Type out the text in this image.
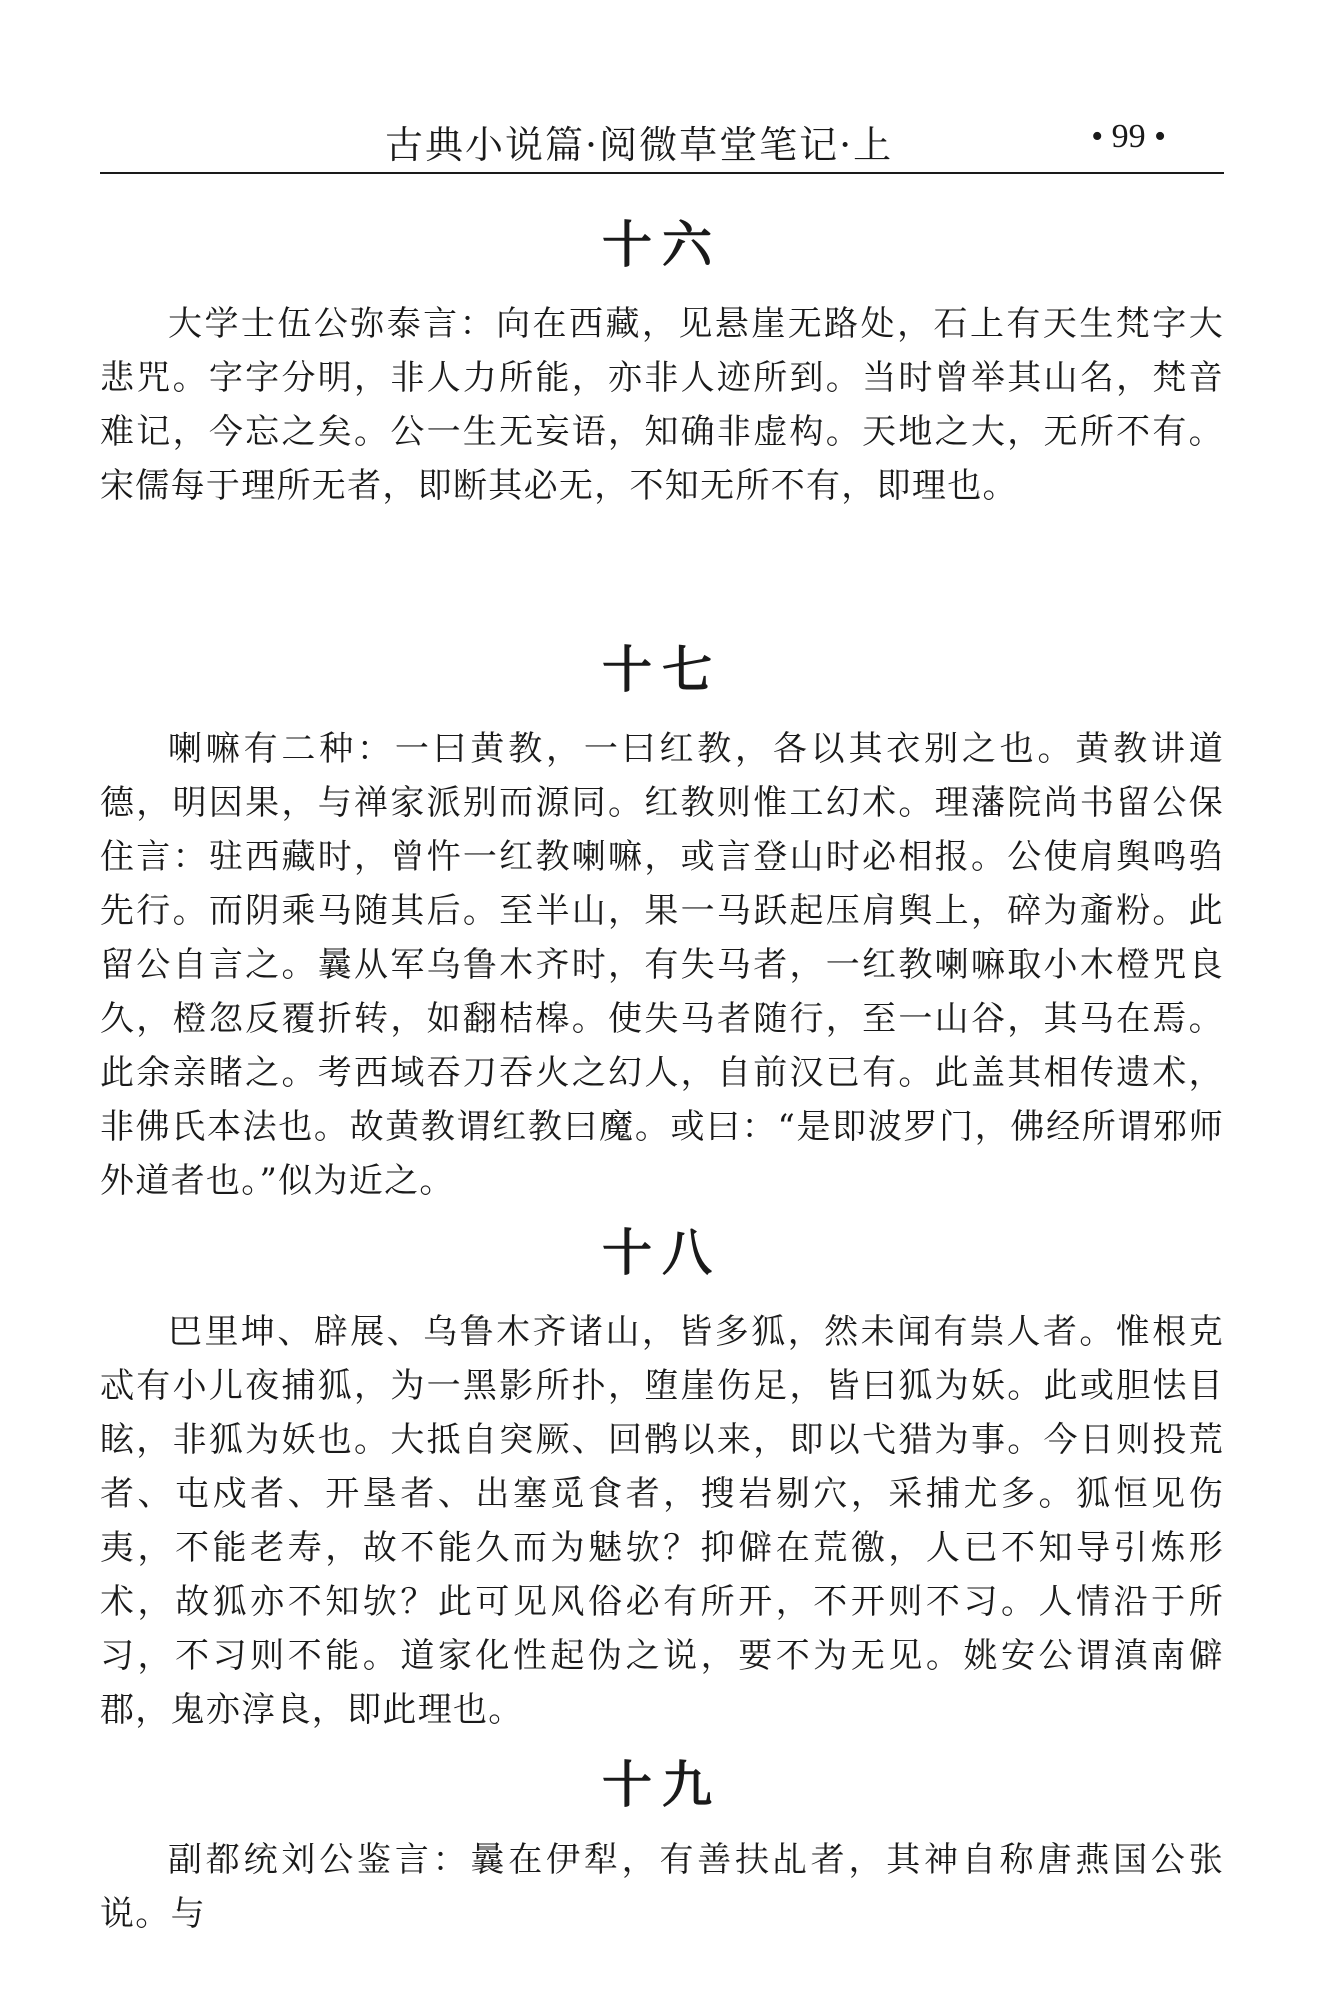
古典小说篇·阅微草堂笔记·上	• 99 •
十六

大学士伍公弥泰言：向在西藏，见悬崖无路处，石上有天生梵字大悲咒。字字分明，非人力所能，亦非人迹所到。当时曾举其山名，梵音难记，今忘之矣。公一生无妄语，知确非虚构。天地之大，无所不有。宋儒每于理所无者，即断其必无，不知无所不有，即理也。

十七

喇嘛有二种：一曰黄教，一曰红教，各以其衣别之也。黄教讲道德，明因果，与禅家派别而源同。红教则惟工幻术。理藩院尚书留公保住言：驻西藏时，曾忤一红教喇嘛，或言登山时必相报。公使肩舆鸣驺先行。而阴乘马随其后。至半山，果一马跃起压肩舆上，碎为齑粉。此留公自言之。曩从军乌鲁木齐时，有失马者，一红教喇嘛取小木橙咒良久，橙忽反覆折转，如翻桔槔。使失马者随行，至一山谷，其马在焉。此余亲睹之。考西域吞刀吞火之幻人，自前汉已有。此盖其相传遗术，非佛氏本法也。故黄教谓红教曰魔。或曰：“是即波罗门，佛经所谓邪师外道者也。”似为近之。

十八

巴里坤、辟展、乌鲁木齐诸山，皆多狐，然未闻有祟人者。惟根克忒有小儿夜捕狐，为一黑影所扑，堕崖伤足，皆曰狐为妖。此或胆怯目眩，非狐为妖也。大抵自突厥、回鹘以来，即以弋猎为事。今日则投荒者、屯戍者、开垦者、出塞觅食者，搜岩剔穴，采捕尤多。狐恒见伤夷，不能老寿，故不能久而为魅欤？抑僻在荒徼，人已不知导引炼形术，故狐亦不知欤？此可见风俗必有所开，不开则不习。人情沿于所习，不习则不能。道家化性起伪之说，要不为无见。姚安公谓滇南僻郡，鬼亦淳良，即此理也。

十九

副都统刘公鉴言：曩在伊犁，有善扶乩者，其神自称唐燕国公张说。与
